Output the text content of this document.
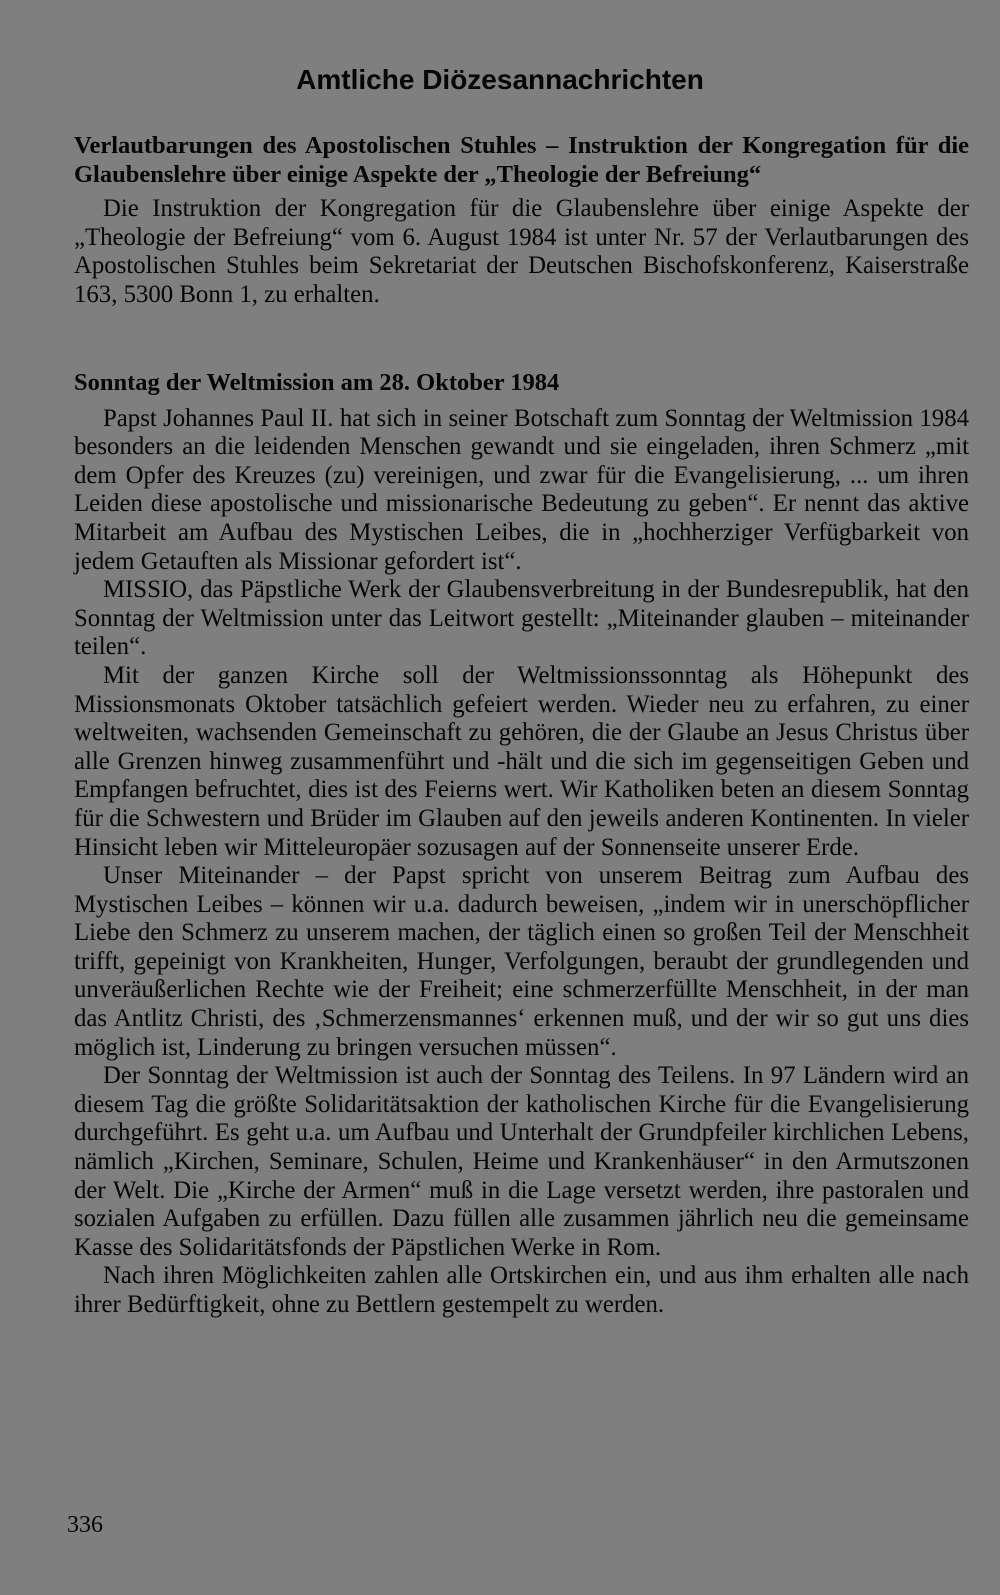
Amtliche Diözesannachrichten
Verlautbarungen des Apostolischen Stuhles – Instruktion der Kongregation für die Glaubenslehre über einige Aspekte der „Theologie der Befreiung“

Die Instruktion der Kongregation für die Glaubenslehre über einige Aspekte der „Theologie der Befreiung“ vom 6. August 1984 ist unter Nr. 57 der Verlautbarungen des Apostolischen Stuhles beim Sekretariat der Deutschen Bischofskonferenz, Kaiserstraße 163, 5300 Bonn 1, zu erhalten.

Sonntag der Weltmission am 28. Oktober 1984

Papst Johannes Paul II. hat sich in seiner Botschaft zum Sonntag der Weltmission 1984 besonders an die leidenden Menschen gewandt und sie eingeladen, ihren Schmerz „mit dem Opfer des Kreuzes (zu) vereinigen, und zwar für die Evangelisierung, ... um ihren Leiden diese apostolische und missionarische Bedeutung zu geben“. Er nennt das aktive Mitarbeit am Aufbau des Mystischen Leibes, die in „hochherziger Verfügbarkeit von jedem Getauften als Missionar gefordert ist“.

MISSIO, das Päpstliche Werk der Glaubensverbreitung in der Bundesrepublik, hat den Sonntag der Weltmission unter das Leitwort gestellt: „Miteinander glauben – miteinander teilen“.

Mit der ganzen Kirche soll der Weltmissionssonntag als Höhepunkt des Missionsmonats Oktober tatsächlich gefeiert werden. Wieder neu zu erfahren, zu einer weltweiten, wachsenden Gemeinschaft zu gehören, die der Glaube an Jesus Christus über alle Grenzen hinweg zusammenführt und -hält und die sich im gegenseitigen Geben und Empfangen befruchtet, dies ist des Feierns wert. Wir Katholiken beten an diesem Sonntag für die Schwestern und Brüder im Glauben auf den jeweils anderen Kontinenten. In vieler Hinsicht leben wir Mitteleuropäer sozusagen auf der Sonnenseite unserer Erde.

Unser Miteinander – der Papst spricht von unserem Beitrag zum Aufbau des Mystischen Leibes – können wir u.a. dadurch beweisen, „indem wir in unerschöpflicher Liebe den Schmerz zu unserem machen, der täglich einen so großen Teil der Menschheit trifft, gepeinigt von Krankheiten, Hunger, Verfolgungen, beraubt der grundlegenden und unveräußerlichen Rechte wie der Freiheit; eine schmerzerfüllte Menschheit, in der man das Antlitz Christi, des ‚Schmerzensmannes‘ erkennen muß, und der wir so gut uns dies möglich ist, Linderung zu bringen versuchen müssen“.

Der Sonntag der Weltmission ist auch der Sonntag des Teilens. In 97 Ländern wird an diesem Tag die größte Solidaritätsaktion der katholischen Kirche für die Evangelisierung durchgeführt. Es geht u.a. um Aufbau und Unterhalt der Grundpfeiler kirchlichen Lebens, nämlich „Kirchen, Seminare, Schulen, Heime und Krankenhäuser“ in den Armutszonen der Welt. Die „Kirche der Armen“ muß in die Lage versetzt werden, ihre pastoralen und sozialen Aufgaben zu erfüllen. Dazu füllen alle zusammen jährlich neu die gemeinsame Kasse des Solidaritätsfonds der Päpstlichen Werke in Rom.

Nach ihren Möglichkeiten zahlen alle Ortskirchen ein, und aus ihm erhalten alle nach ihrer Bedürftigkeit, ohne zu Bettlern gestempelt zu werden.

336
